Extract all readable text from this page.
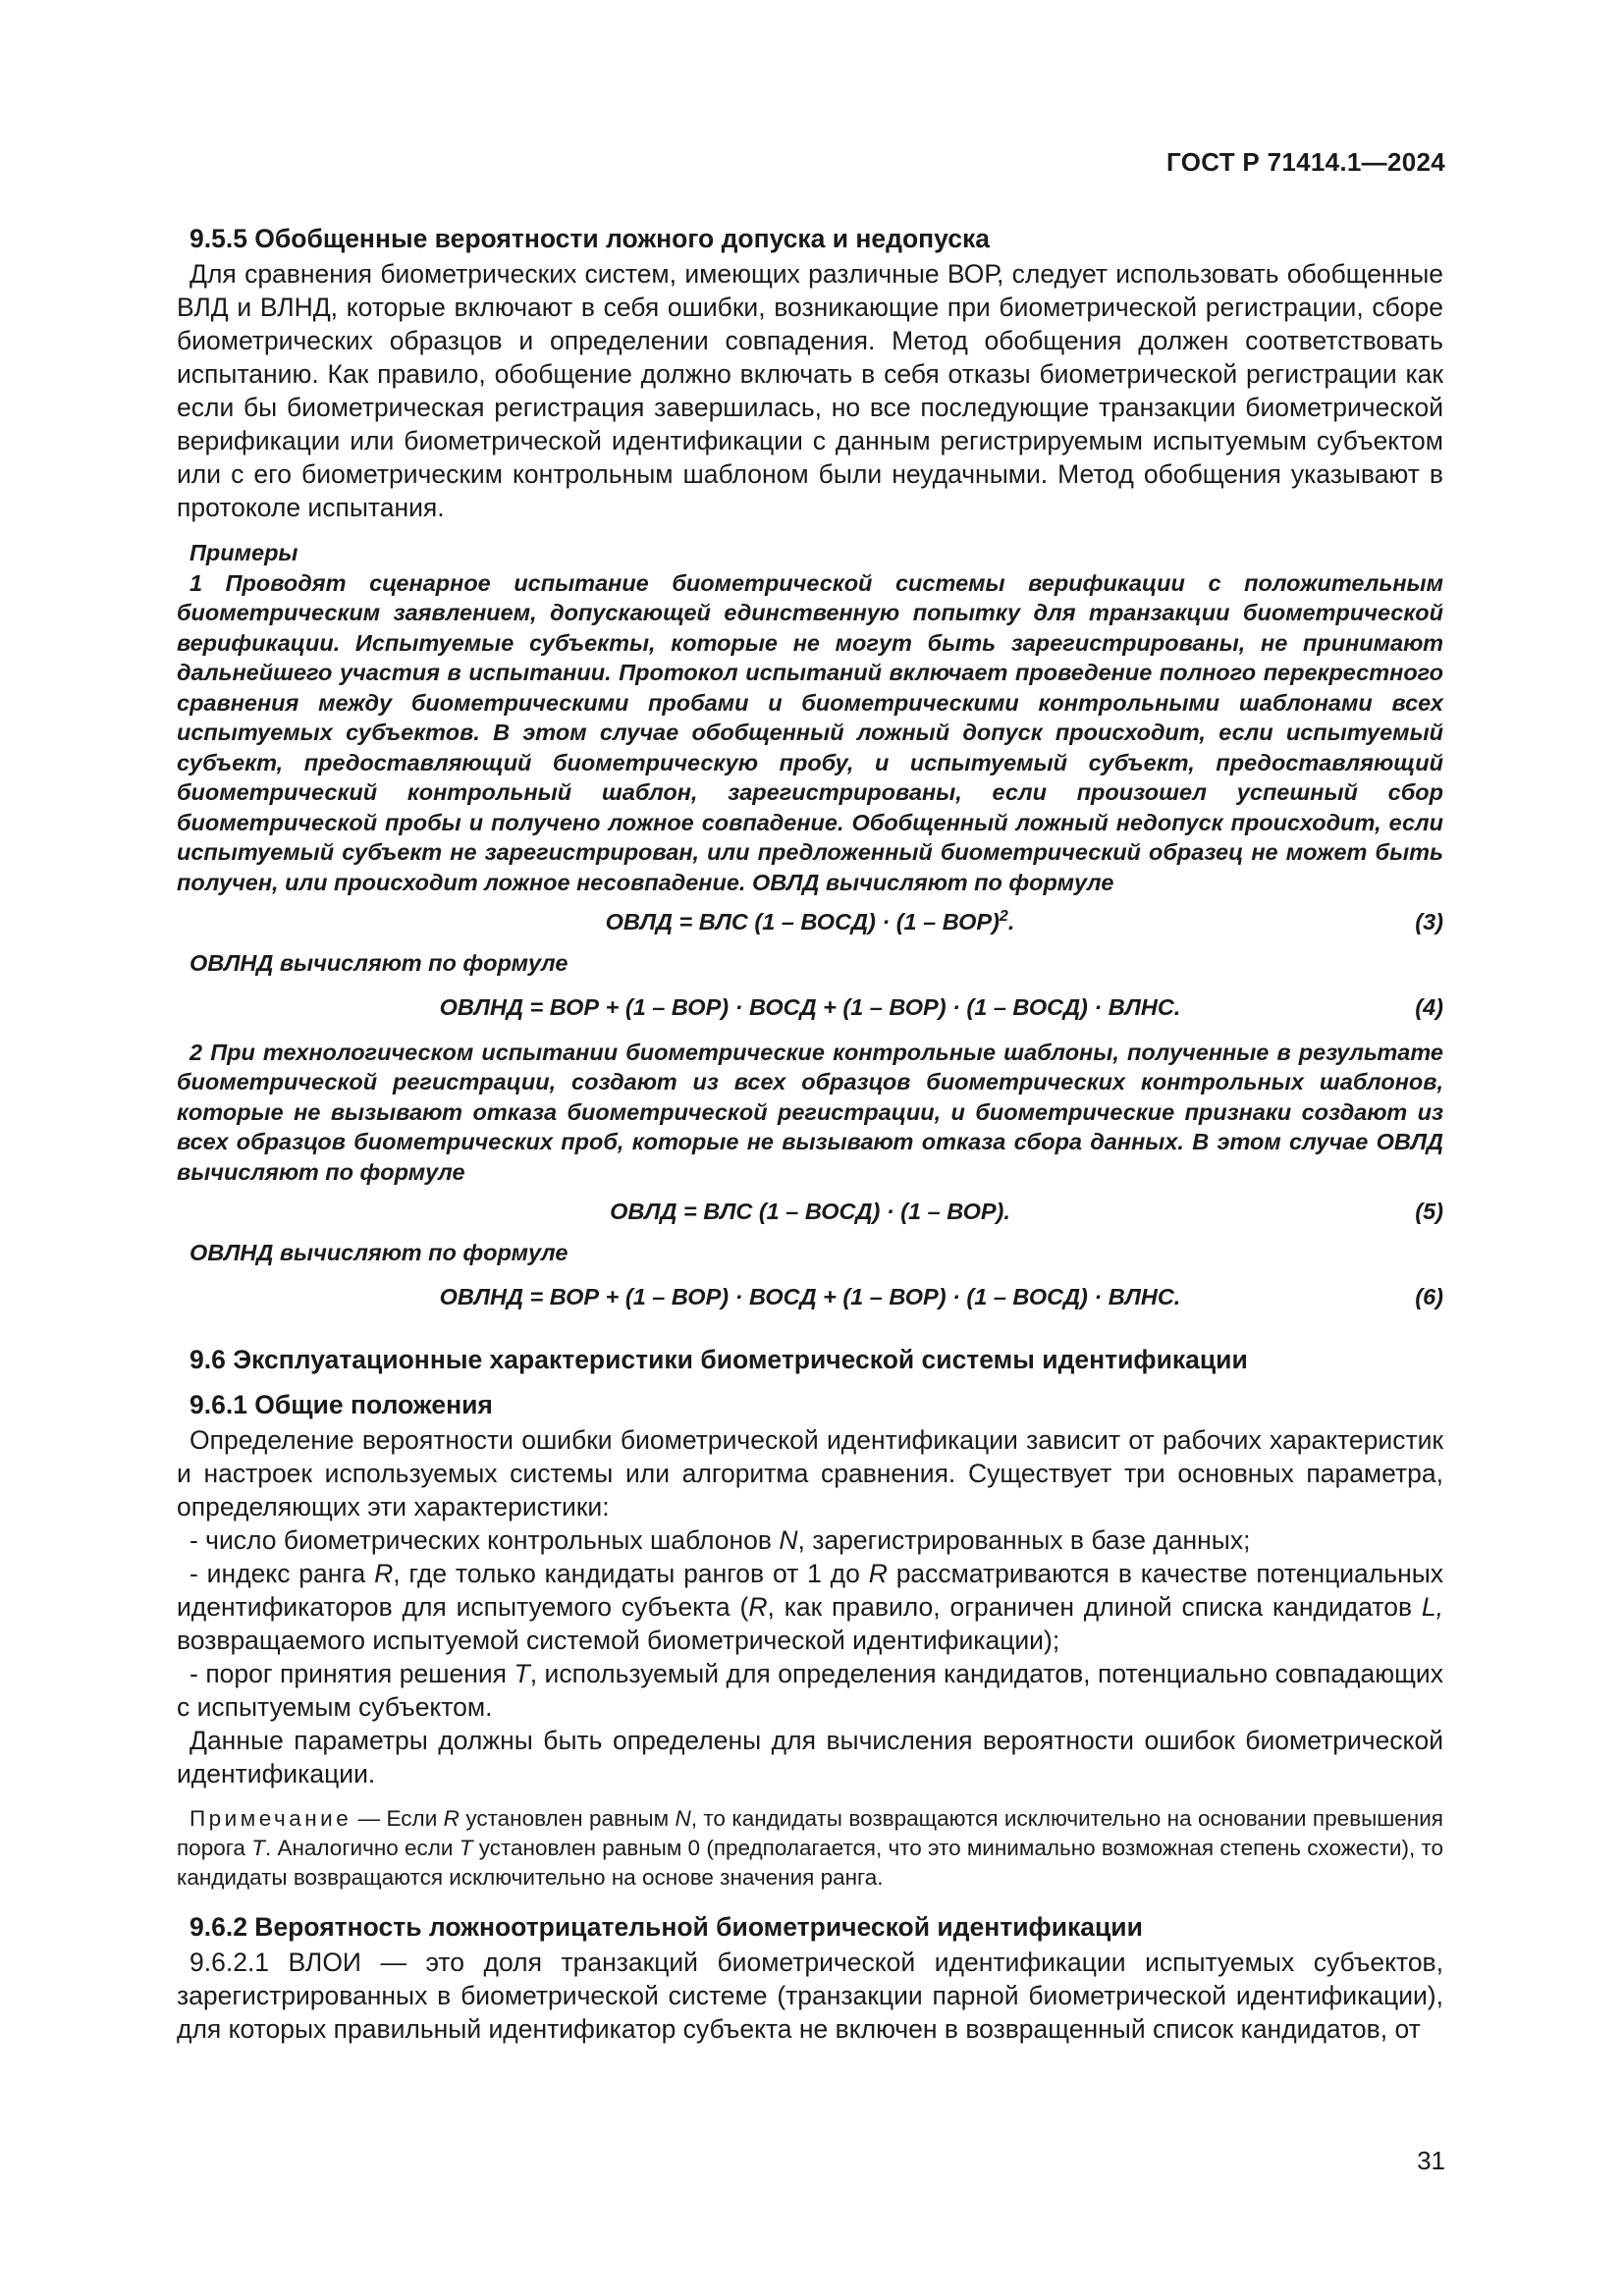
ГОСТ Р 71414.1—2024
9.5.5 Обобщенные вероятности ложного допуска и недопуска

Для сравнения биометрических систем, имеющих различные ВОР, следует использовать обобщенные ВЛД и ВЛНД, которые включают в себя ошибки, возникающие при биометрической регистрации, сборе биометрических образцов и определении совпадения. Метод обобщения должен соответствовать испытанию. Как правило, обобщение должно включать в себя отказы биометрической регистрации как если бы биометрическая регистрация завершилась, но все последующие транзакции биометрической верификации или биометрической идентификации с данным регистрируемым испытуемым субъектом или с его биометрическим контрольным шаблоном были неудачными. Метод обобщения указывают в протоколе испытания.

Примеры

1 Проводят сценарное испытание биометрической системы верификации с положительным биометрическим заявлением, допускающей единственную попытку для транзакции биометрической верификации. Испытуемые субъекты, которые не могут быть зарегистрированы, не принимают дальнейшего участия в испытании. Протокол испытаний включает проведение полного перекрестного сравнения между биометрическими пробами и биометрическими контрольными шаблонами всех испытуемых субъектов. В этом случае обобщенный ложный допуск происходит, если испытуемый субъект, предоставляющий биометрическую пробу, и испытуемый субъект, предоставляющий биометрический контрольный шаблон, зарегистрированы, если произошел успешный сбор биометрической пробы и получено ложное совпадение. Обобщенный ложный недопуск происходит, если испытуемый субъект не зарегистрирован, или предложенный биометрический образец не может быть получен, или происходит ложное несовпадение. ОВЛД вычисляют по формуле

ОВЛД = ВЛС (1 – ВОСД) · (1 – ВОР)$^2$.	(3)

ОВЛНД вычисляют по формуле

ОВЛНД = ВОР + (1 – ВОР) · ВОСД + (1 – ВОР) · (1 – ВОСД) · ВЛНС.	(4)

2 При технологическом испытании биометрические контрольные шаблоны, полученные в результате биометрической регистрации, создают из всех образцов биометрических контрольных шаблонов, которые не вызывают отказа биометрической регистрации, и биометрические признаки создают из всех образцов биометрических проб, которые не вызывают отказа сбора данных. В этом случае ОВЛД вычисляют по формуле

ОВЛД = ВЛС (1 – ВОСД) · (1 – ВОР).	(5)

ОВЛНД вычисляют по формуле

ОВЛНД = ВОР + (1 – ВОР) · ВОСД + (1 – ВОР) · (1 – ВОСД) · ВЛНС.	(6)
9.6 Эксплуатационные характеристики биометрической системы идентификации
9.6.1 Общие положения

Определение вероятности ошибки биометрической идентификации зависит от рабочих характеристик и настроек используемых системы или алгоритма сравнения. Существует три основных параметра, определяющих эти характеристики:

- число биометрических контрольных шаблонов N, зарегистрированных в базе данных;

- индекс ранга R, где только кандидаты рангов от 1 до R рассматриваются в качестве потенциальных идентификаторов для испытуемого субъекта (R, как правило, ограничен длиной списка кандидатов L, возвращаемого испытуемой системой биометрической идентификации);

- порог принятия решения T, используемый для определения кандидатов, потенциально совпадающих с испытуемым субъектом.

Данные параметры должны быть определены для вычисления вероятности ошибок биометрической идентификации.

Примечание — Если R установлен равным N, то кандидаты возвращаются исключительно на основании превышения порога T. Аналогично если T установлен равным 0 (предполагается, что это минимально возможная степень схожести), то кандидаты возвращаются исключительно на основе значения ранга.

9.6.2 Вероятность ложноотрицательной биометрической идентификации

9.6.2.1 ВЛОИ — это доля транзакций биометрической идентификации испытуемых субъектов, зарегистрированных в биометрической системе (транзакции парной биометрической идентификации), для которых правильный идентификатор субъекта не включен в возвращенный список кандидатов, от

31
